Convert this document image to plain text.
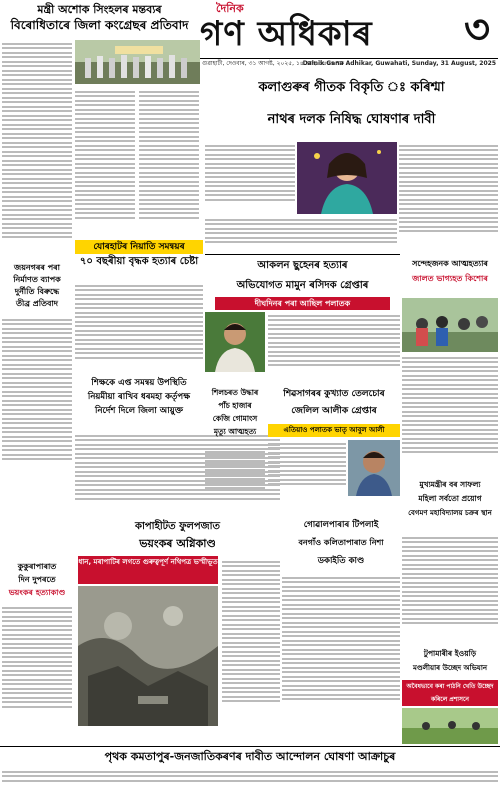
মন্ত্ৰী অশোক সিংহলৰ মন্তব্যৰ
বিৰোধিতাৰে জিলা কংগ্ৰেছৰ প্ৰতিবাদ
দৈনিক
গণ অধিকাৰ ৩
গুৱাহাটী, দেওবাৰ, ৩১ আগষ্ট, ২০২৫, ১৪ ভাদ, ১৪৪৭ শক
Dainik Gana Adhikar, Guwahati, Sunday, 31 August, 2025
যোৰহাটৰ নিয়াতি সমন্বয়ৰ
৭০ বছৰীয়া বৃদ্ধক হত্যাৰ চেষ্টা
জয়নগৰৰ পৰা
নিৰ্মাণত ব্যাপক
দুৰ্নীতি বিৰুদ্ধে
তীব্ৰ প্ৰতিবাদ
শিক্ষকে এপ্ত সমন্বয় উপস্থিতি
নিয়মীয়া ৰাখিব ধৰমহা কৰ্তৃপক্ষ
নিৰ্দেশ দিলে জিলা আয়ুক্ত
কুকুৰাপাৰাত
দিন দুপৰতে
ভয়ংকৰ হত্যাকাণ্ড
কাপাহীটত ফুলপজাত
ভয়ংকৰ অগ্নিকাণ্ড
ধান, মৰাপাটিৰ লগতে গুৰুত্বপূৰ্ণ নথিপত্ৰ ভস্মীভূত
কলাগুৰুৰ গীতক বিকৃতি ঃ কৰিশ্মা
নাথৰ দলক নিষিদ্ধ ঘোষণাৰ দাবী
আকলন ছুহেনৰ হত্যাৰ
অভিযোগত মামুন ৰসিদক গ্ৰেপ্তাৰ
দীঘদিনৰ পৰা আছিল পলাতক
সন্দেহজনক আত্মহত্যাৰ
জালত ভাগ্যহত কিশোৰ
শিলচৰত উদ্ধাৰ
পাঁচ হাজাৰ
কেজি গোমাংস
মৃত্যু আত্মহত্য
শিৱসাগৰৰ কুখ্যাত তেলচোৰ
জেলিল আলীক গ্ৰেপ্তাৰ
এতিয়াও পলাতক ভাতৃ আবুল আলী
মুখ্যমন্ত্ৰীৰ বৰ সাফল্য
মহিলা সৰ্বতো প্ৰয়োগ
বেগমণ মহাবিদ্যালয় চক্ৰৰ স্থান
গোৱালপাৰাৰ টিপলাই
বনগাঁও কলিতাপাৰাত নিশা
ডকাইতি কাণ্ড
টুপামাৰীৰ ইওয়ড়ি
মণ্ডলীয়াৰ উচ্ছেদ অভিযান
অবৈধভাবে কৰা পাঠনি খেতি উচ্ছেদ কৰিলে প্ৰশাসনে
পৃথক কমতাপুৰ-জনজাতিকৰণৰ দাবীত আন্দোলন ঘোষণা আক্ৰাচুৰ
